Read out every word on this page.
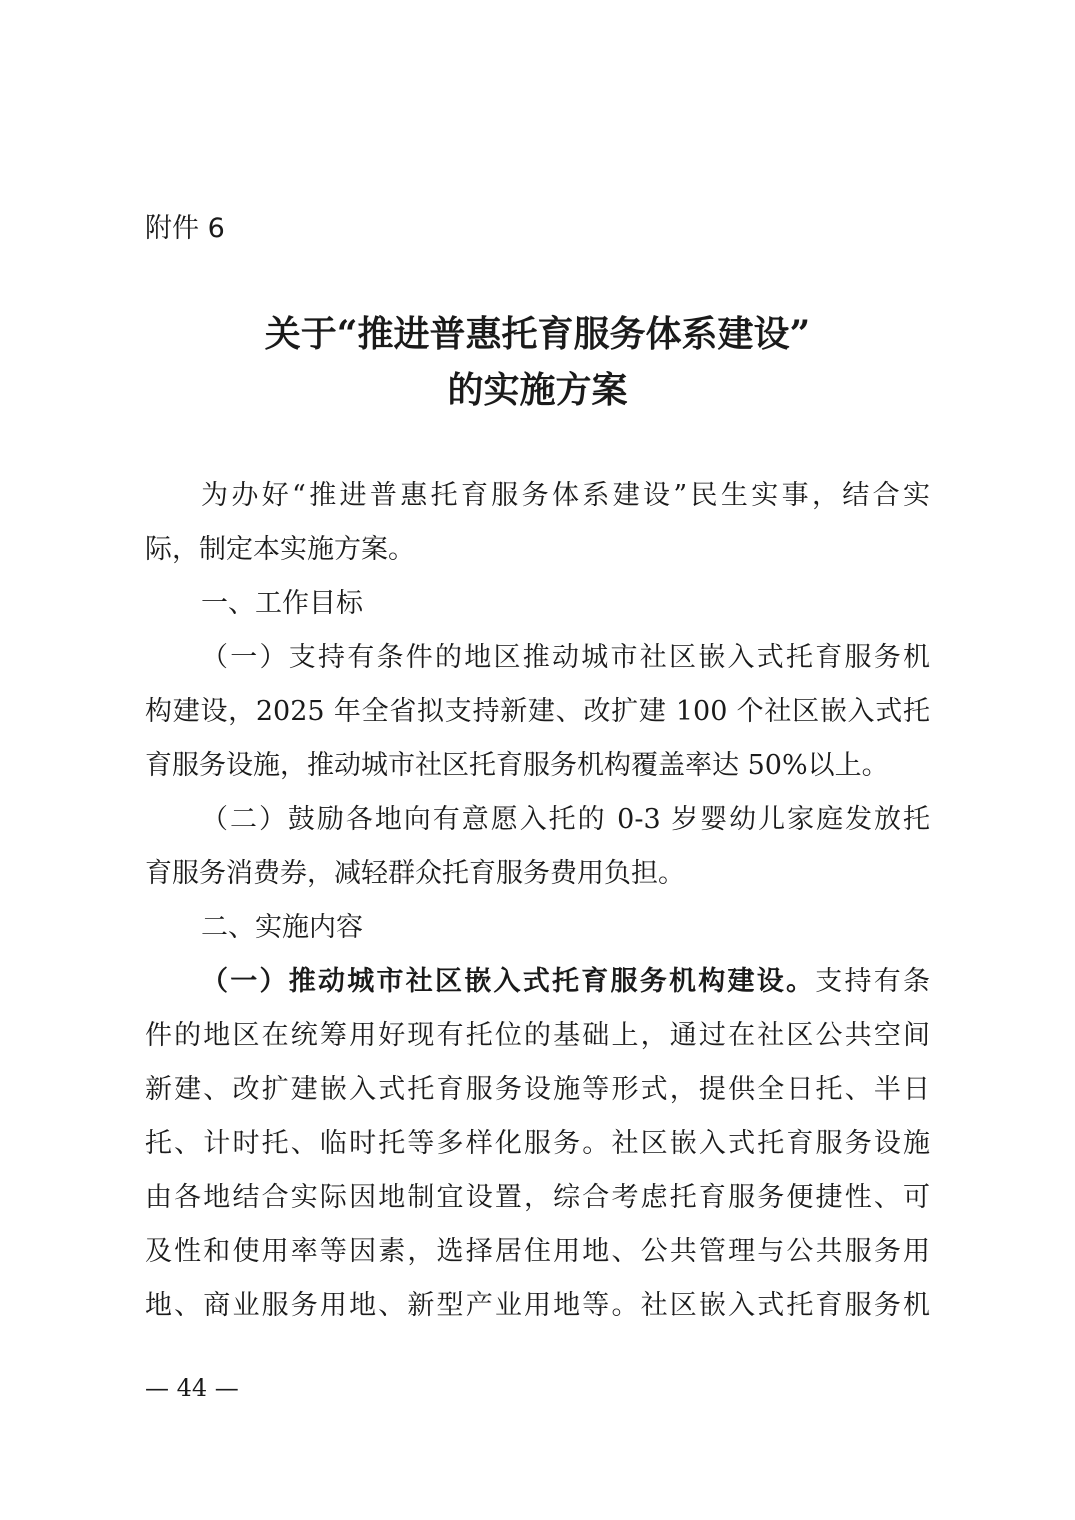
附件 6
关于“推进普惠托育服务体系建设”
的实施方案
为办好“推进普惠托育服务体系建设”民生实事，结合实
际，制定本实施方案。
一、工作目标
（一）支持有条件的地区推动城市社区嵌入式托育服务机
构建设，2025 年全省拟支持新建、改扩建 100 个社区嵌入式托
育服务设施，推动城市社区托育服务机构覆盖率达 50%以上。
（二）鼓励各地向有意愿入托的 0-3 岁婴幼儿家庭发放托
育服务消费券，减轻群众托育服务费用负担。
二、实施内容
（一）推动城市社区嵌入式托育服务机构建设。支持有条
件的地区在统筹用好现有托位的基础上，通过在社区公共空间
新建、改扩建嵌入式托育服务设施等形式，提供全日托、半日
托、计时托、临时托等多样化服务。社区嵌入式托育服务设施
由各地结合实际因地制宜设置，综合考虑托育服务便捷性、可
及性和使用率等因素，选择居住用地、公共管理与公共服务用
地、商业服务用地、新型产业用地等。社区嵌入式托育服务机
— 44 —
